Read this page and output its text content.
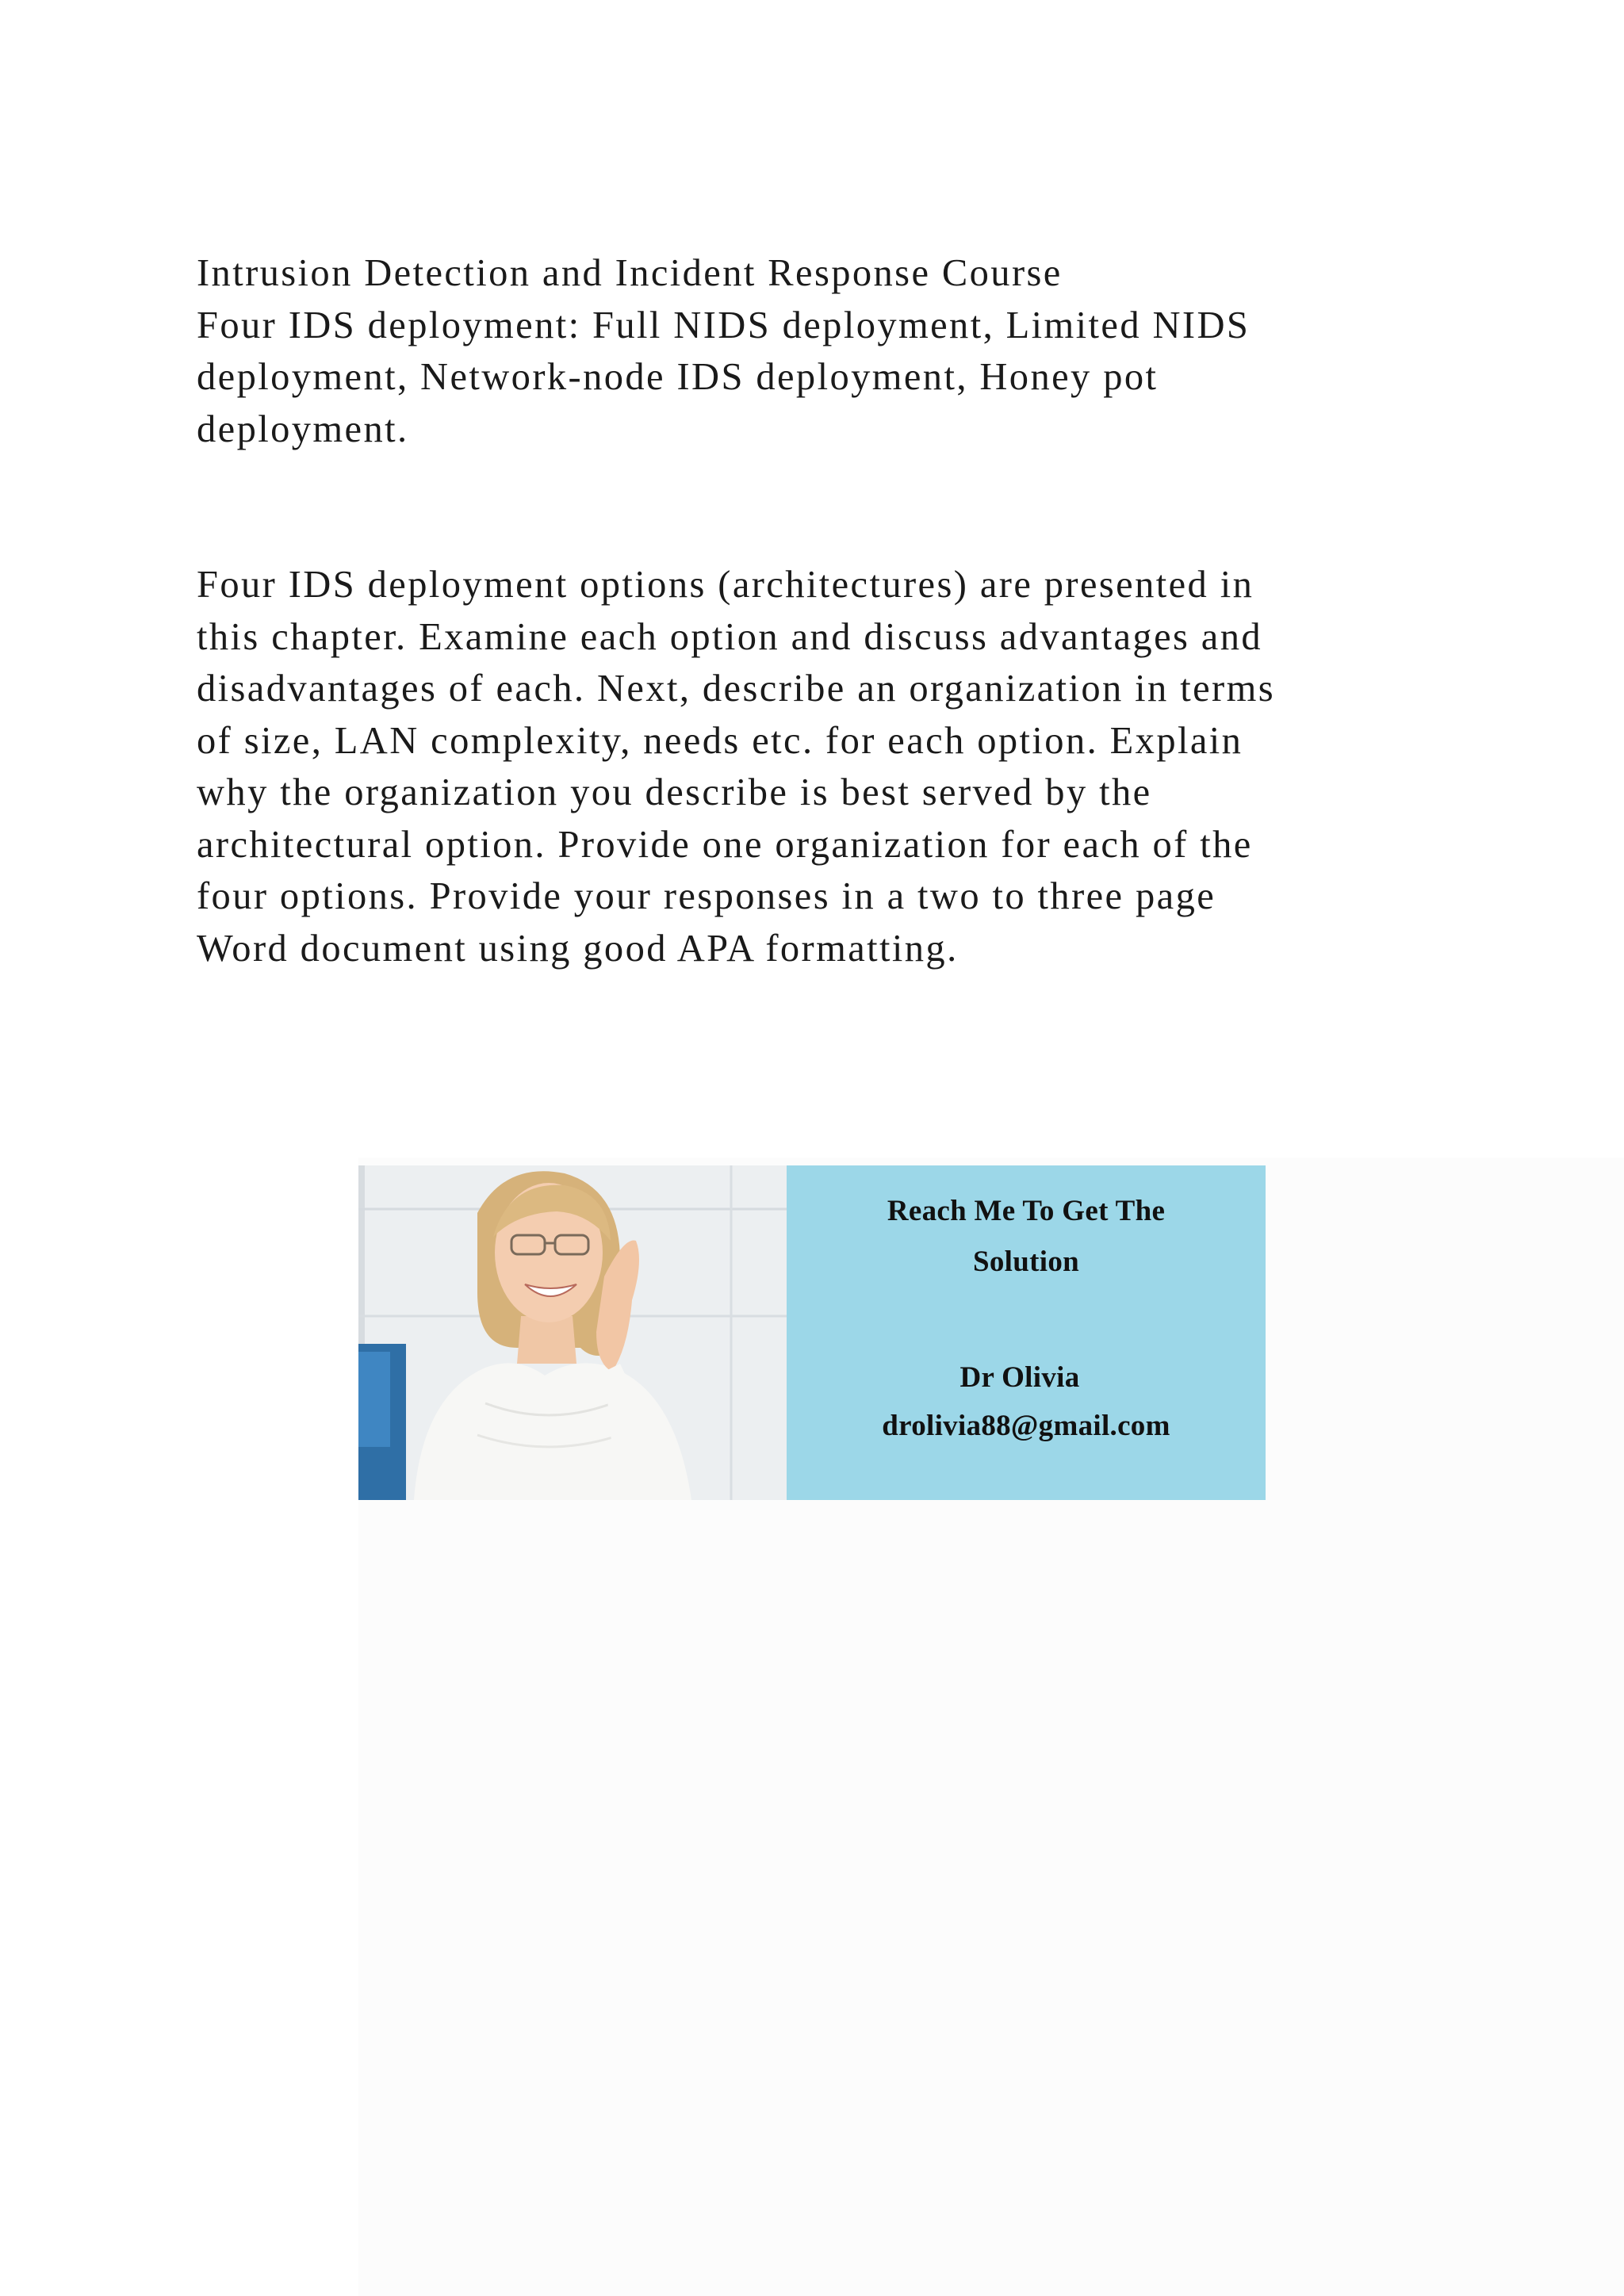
Intrusion Detection and Incident Response Course
Four IDS deployment: Full NIDS deployment, Limited NIDS
deployment, Network-node IDS deployment, Honey pot
deployment.
Four IDS deployment options (architectures) are presented in
this chapter. Examine each option and discuss advantages and
disadvantages of each. Next, describe an organization in terms
of size, LAN complexity, needs etc. for each option. Explain
why the organization you describe is best served by the
architectural option. Provide one organization for each of the
four options. Provide your responses in a two to three page
Word document using good APA formatting.
Reach Me To Get The
Solution
Dr Olivia
drolivia88@gmail.com
